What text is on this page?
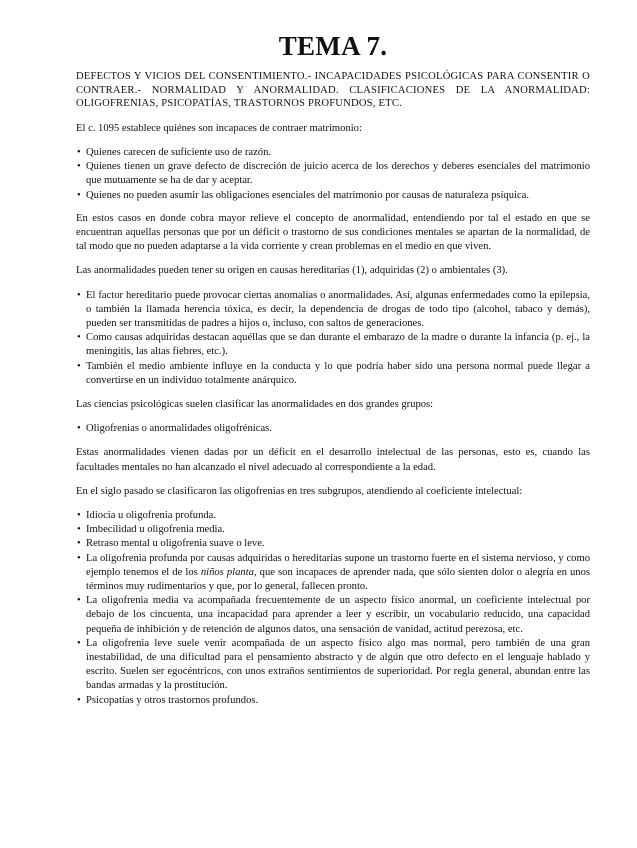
TEMA 7.
DEFECTOS Y VICIOS DEL CONSENTIMIENTO.- INCAPACIDADES PSICOLÓGICAS PARA CONSENTIR O CONTRAER.- NORMALIDAD Y ANORMALIDAD. CLASIFICACIONES DE LA ANORMALIDAD: OLIGOFRENIAS, PSICOPATÍAS, TRASTORNOS PROFUNDOS, ETC.

El c. 1095 establece quiénes son incapaces de contraer matrimonio:

• Quienes carecen de suficiente uso de razón.
• Quienes tienen un grave defecto de discreción de juicio acerca de los derechos y deberes esenciales del matrimonio que mutuamente se ha de dar y aceptar.
• Quienes no pueden asumir las obligaciones esenciales del matrimonio por causas de naturaleza psíquica.

En estos casos en donde cobra mayor relieve el concepto de anormalidad, entendiendo por tal el estado en que se encuentran aquellas personas que por un déficit o trastorno de sus condiciones mentales se apartan de la normalidad, de tal modo que no pueden adaptarse a la vida corriente y crean problemas en el medio en que viven.

Las anormalidades pueden tener su origen en causas hereditarias (1), adquiridas (2) o ambientales (3).

• El factor hereditario puede provocar ciertas anomalías o anormalidades. Así, algunas enfermedades como la epilepsia, o también la llamada herencia tóxica, es decir, la dependencia de drogas de todo tipo (alcohol, tabaco y demás), pueden ser transmitidas de padres a hijos o, incluso, con saltos de generaciones.
• Como causas adquiridas destacan aquéllas que se dan durante el embarazo de la madre o durante la infancia (p. ej., la meningitis, las altas fiebres, etc.).
• También el medio ambiente influye en la conducta y lo que podría haber sido una persona normal puede llegar a convertirse en un individuo totalmente anárquico.

Las ciencias psicológicas suelen clasificar las anormalidades en dos grandes grupos:

• Oligofrenias o anormalidades oligofrénicas.

Estas anormalidades vienen dadas por un déficit en el desarrollo intelectual de las personas, esto es, cuando las facultades mentales no han alcanzado el nivel adecuado al correspondiente a la edad.

En el siglo pasado se clasificaron las oligofrenias en tres subgrupos, atendiendo al coeficiente intelectual:

• Idiocia u oligofrenia profunda.
• Imbecilidad u oligofrenia media.
• Retraso mental u oligofrenia suave o leve.
• La oligofrenia profunda por causas adquiridas o hereditarias supone un trastorno fuerte en el sistema nervioso, y como ejemplo tenemos el de los niños planta, que son incapaces de aprender nada, que sólo sienten dolor o alegría en unos términos muy rudimentarios y que, por lo general, fallecen pronto.
• La oligofrenia media va acompañada frecuentemente de un aspecto físico anormal, un coeficiente intelectual por debajo de los cincuenta, una incapacidad para aprender a leer y escribir, un vocabulario reducido, una capacidad pequeña de inhibición y de retención de algunos datos, una sensación de vanidad, actitud perezosa, etc.
• La oligofrenia leve suele venir acompañada de un aspecto físico algo mas normal, pero también de una gran inestabilidad, de una dificultad para el pensamiento abstracto y de algún que otro defecto en el lenguaje hablado y escrito. Suelen ser egocéntricos, con unos extraños sentimientos de superioridad. Por regla general, abundan entre las bandas armadas y la prostitución.
• Psicopatías y otros trastornos profundos.
